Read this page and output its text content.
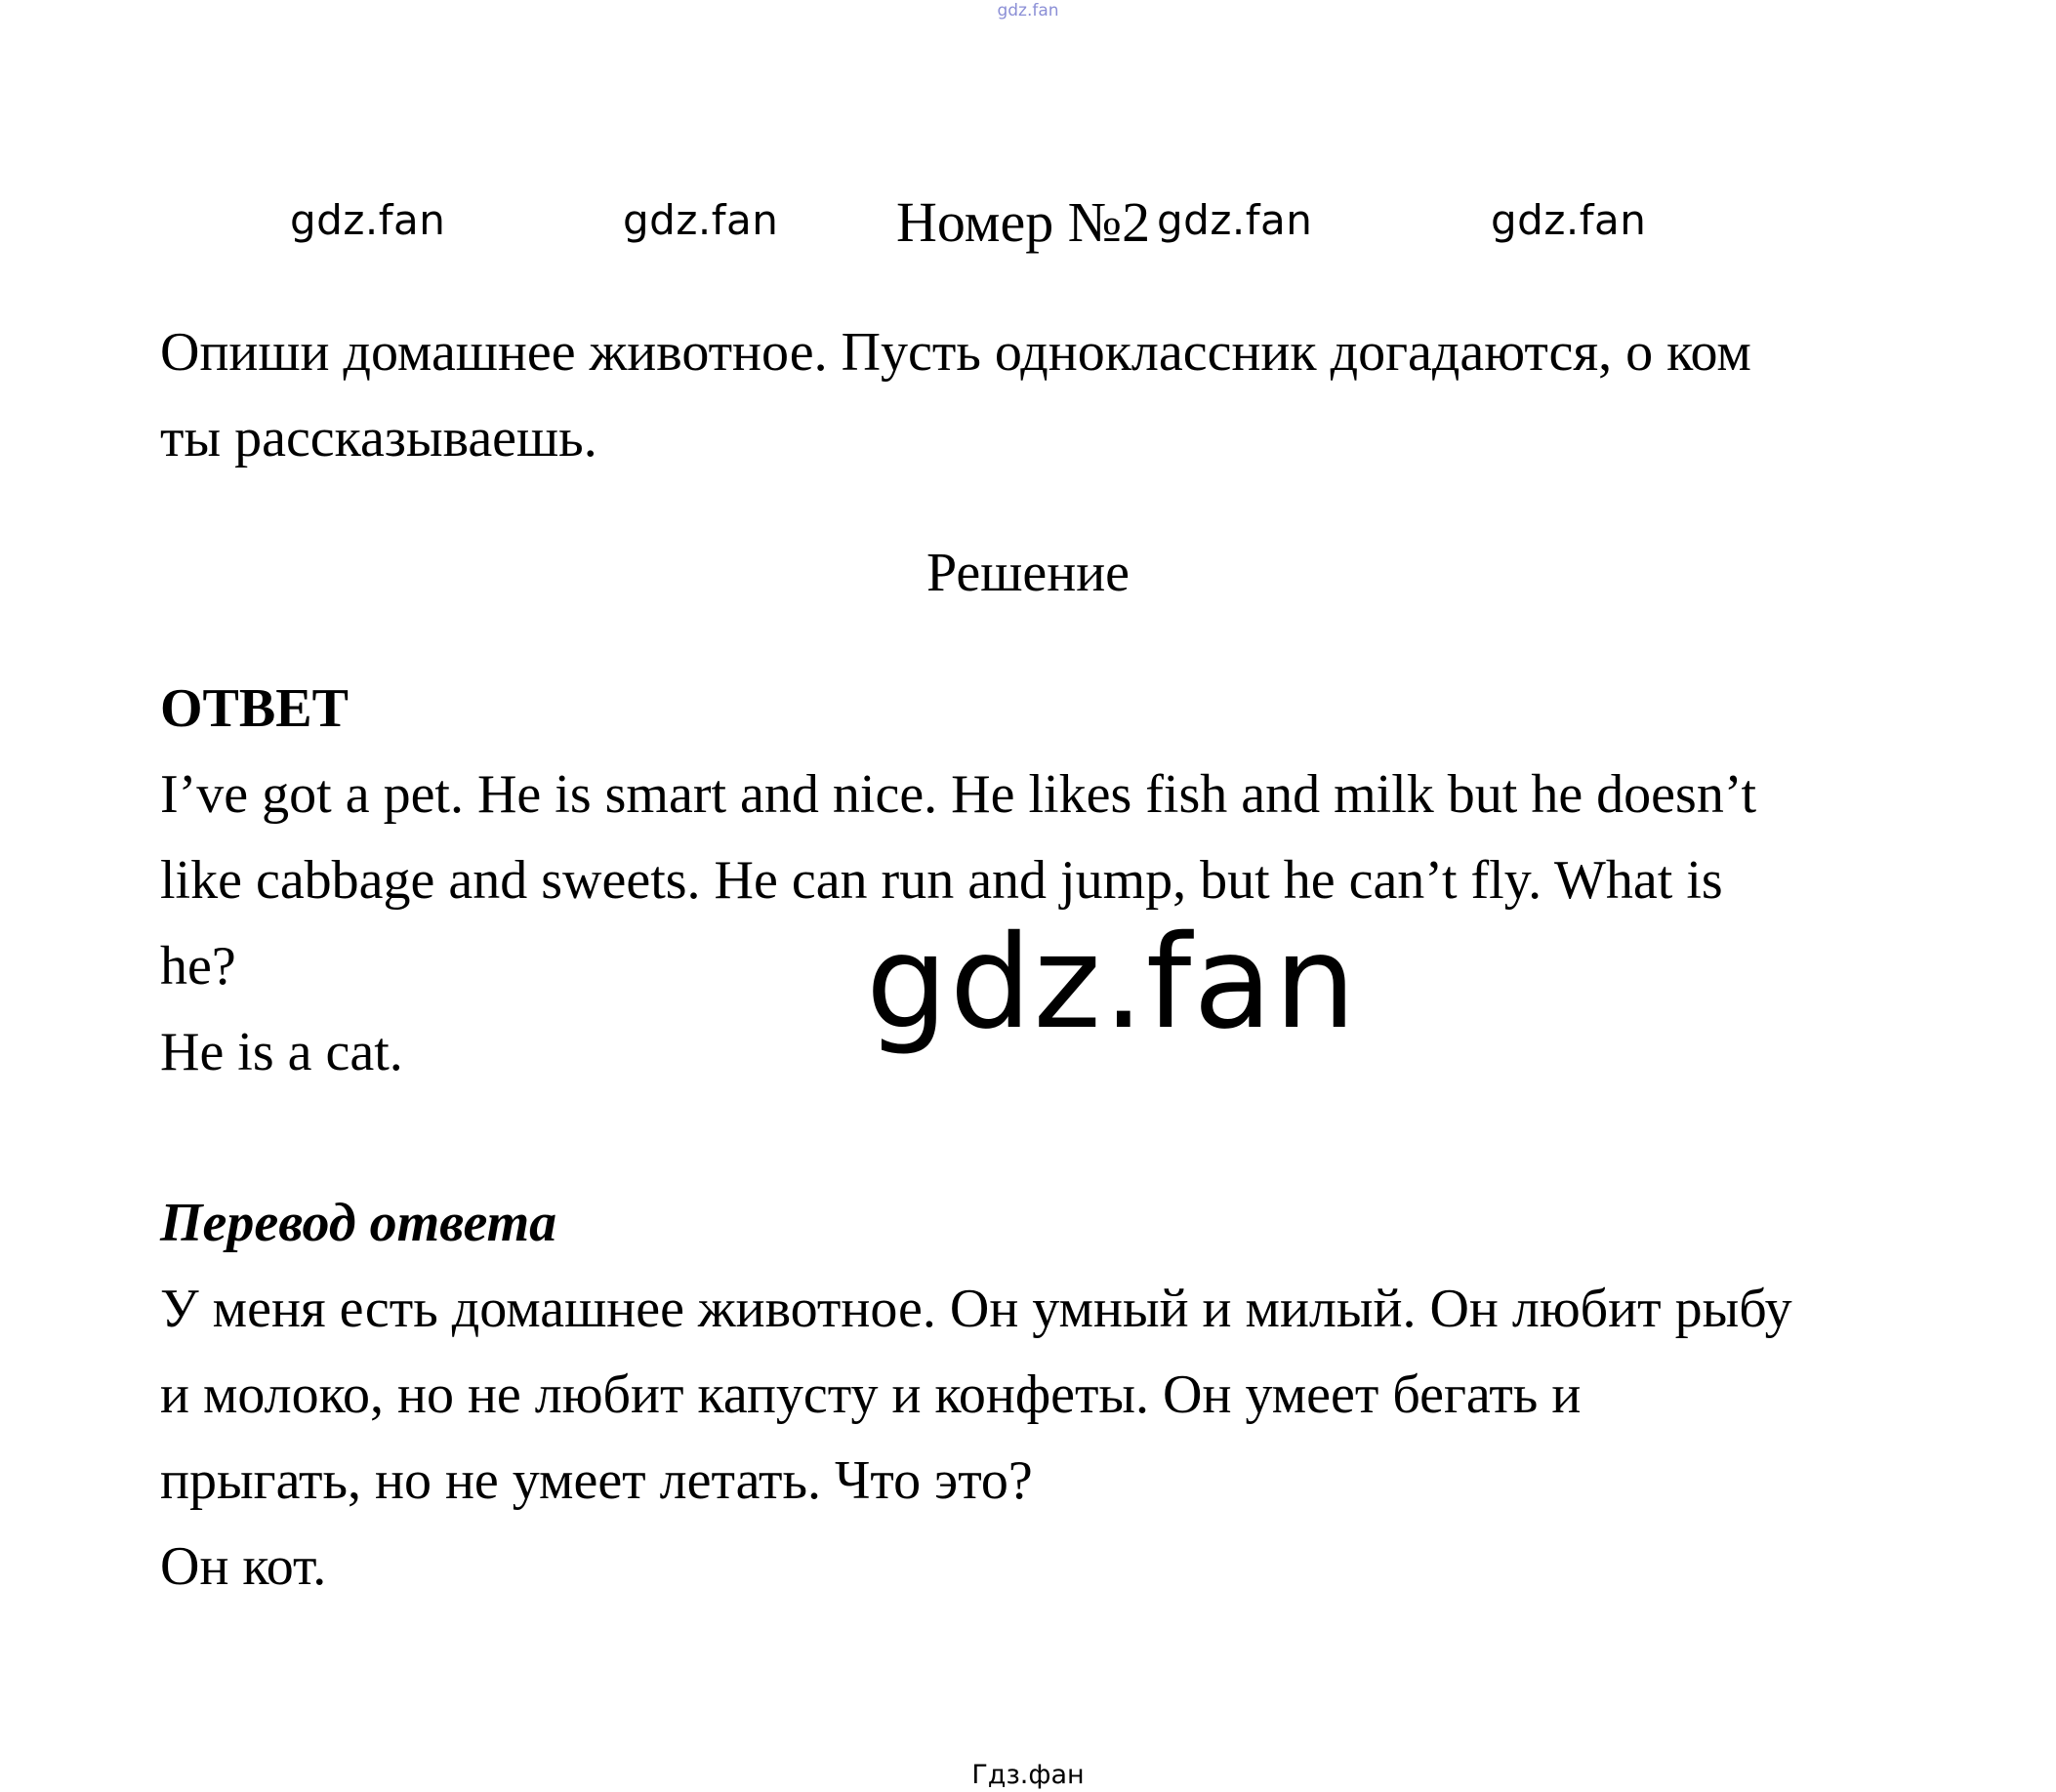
gdz.fan
gdz.fan	gdz.fan	gdz.fan	gdz.fan
Номер №2
Опиши домашнее животное. Пусть одноклассник догадаются, о ком
ты рассказываешь.
Решение
ОТВЕТ
I’ve got a pet. He is smart and nice. He likes fish and milk but he doesn’t
like cabbage and sweets. He can run and jump, but he can’t fly. What is
he?
He is a cat.	gdz.fan
Перевод ответа
У меня есть домашнее животное. Он умный и милый. Он любит рыбу
и молоко, но не любит капусту и конфеты. Он умеет бегать и
прыгать, но не умеет летать. Что это?
Он кот.
Гдз.фан
